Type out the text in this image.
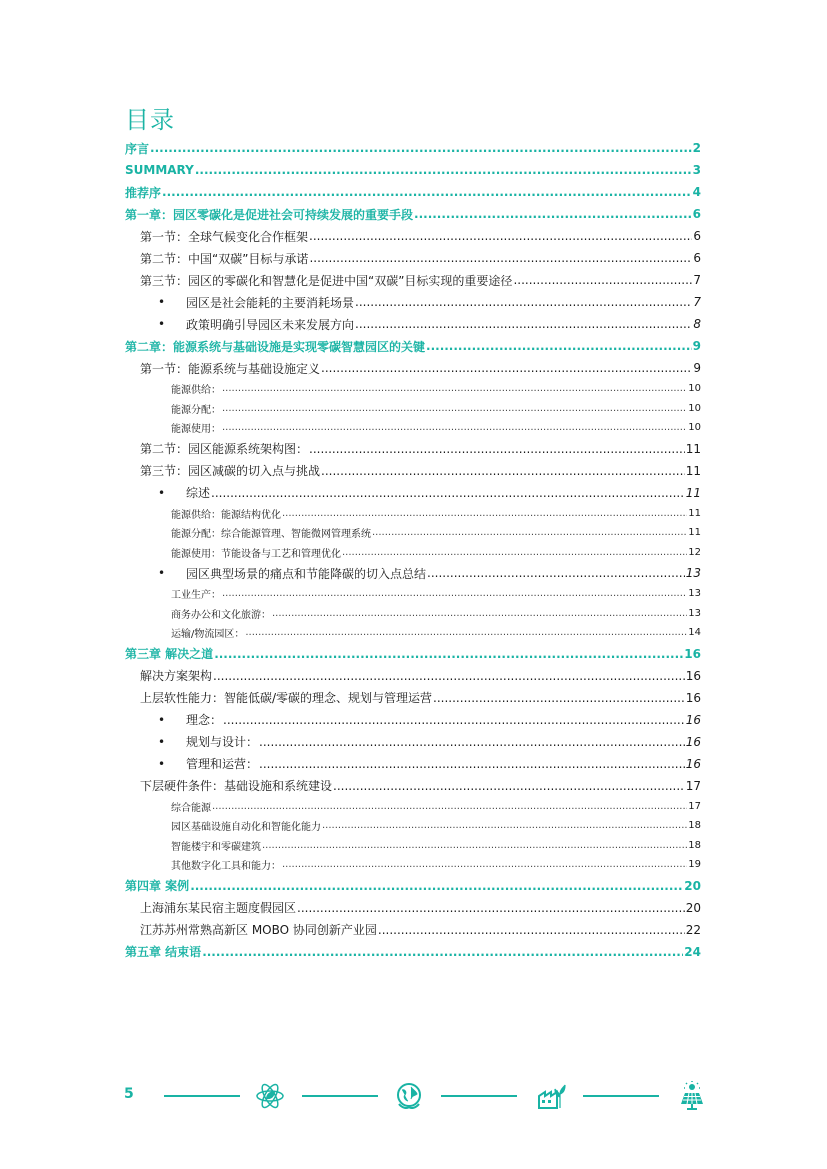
目录
序言 .....	2
SUMMARY .....	3
推荐序 .....	4
第一章：园区零碳化是促进社会可持续发展的重要手段 .....	6
第一节：全球气候变化合作框架 .....	6
第二节：中国“双碳”目标与承诺 .....	6
第三节：园区的零碳化和智慧化是促进中国“双碳”目标实现的重要途径 .....	7
•	园区是社会能耗的主要消耗场景 .....	7
•	政策明确引导园区未来发展方向 .....	8
第二章：能源系统与基础设施是实现零碳智慧园区的关键 .....	9
第一节：能源系统与基础设施定义 .....	9
能源供给： .....	10
能源分配： .....	10
能源使用： .....	10
第二节：园区能源系统架构图： .....	11
第三节：园区减碳的切入点与挑战 .....	11
•	综述 .....	11
能源供给：能源结构优化 .....	11
能源分配：综合能源管理、智能微网管理系统 .....	11
能源使用：节能设备与工艺和管理优化 .....	12
•	园区典型场景的痛点和节能降碳的切入点总结 .....	13
工业生产： .....	13
商务办公和文化旅游： .....	13
运输/物流园区： .....	14
第三章 解决之道 .....	16
解决方案架构 .....	16
上层软性能力：智能低碳/零碳的理念、规划与管理运营 .....	16
•	理念： .....	16
•	规划与设计： .....	16
•	管理和运营： .....	16
下层硬件条件：基础设施和系统建设 .....	17
综合能源 .....	17
园区基础设施自动化和智能化能力 .....	18
智能楼宇和零碳建筑 .....	18
其他数字化工具和能力： .....	19
第四章 案例 .....	20
上海浦东某民宿主题度假园区 .....	20
江苏苏州常熟高新区 MOBO 协同创新产业园 .....	22
第五章 结束语 .....	24
5
